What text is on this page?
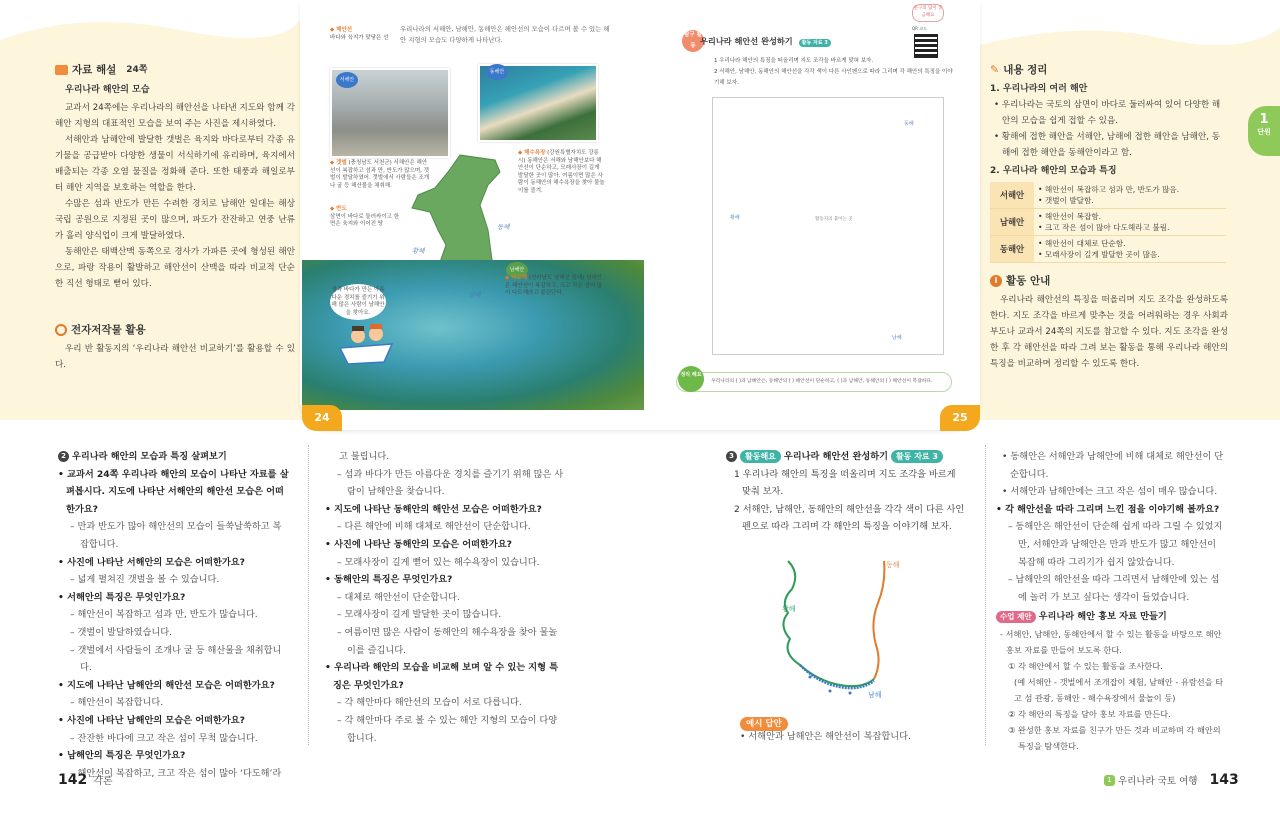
자료 해설 24쪽
우리나라 해안의 모습

교과서 24쪽에는 우리나라의 해안선을 나타낸 지도와 함께 각 해안 지형의 대표적인 모습을 보여 주는 사진을 제시하였다.

서해안과 남해안에 발달한 갯벌은 육지와 바다로부터 각종 유기물을 공급받아 다양한 생물이 서식하기에 유리하며, 육지에서 배출되는 각종 오염 물질을 정화해 준다. 또한 태풍과 해일로부터 해안 지역을 보호하는 역할을 한다.

수많은 섬과 반도가 만든 수려한 경치로 남해안 일대는 해상 국립 공원으로 지정된 곳이 많으며, 파도가 잔잔하고 연중 난류가 흘러 양식업이 크게 발달하였다.

동해안은 태백산맥 동쪽으로 경사가 가파른 곳에 형성된 해안으로, 파랑 작용이 활발하고 해안선이 산맥을 따라 비교적 단순한 직선 형태로 뻗어 있다.

전자저작물 활용

우리 반 활동지의 ‘우리나라 해안선 비교하기’를 활용할 수 있다.

◆ 해안선
바다와 육지가 맞닿은 선
우리나라의 서해안, 남해안, 동해안은 해안선의 모습이 다르며 볼 수 있는 해안 지형의 모습도 다양하게 나타난다.
서해안
동해안
◆ 갯벌 (충청남도 서천군) 서해안은 해안선이 복잡하고 섬과 만, 반도가 많으며, 갯벌이 발달하였어. 갯벌에서 사람들은 조개나 굴 등 해산물을 채취해.
◆ 해수욕장 (강원특별자치도 강릉시) 동해안은 서해와 남해안보다 해안선이 단순하고, 모래사장이 길게 발달한 곳이 많아. 여름이면 많은 사람이 동해안의 해수욕장을 찾아 물놀이를 즐겨.
◆ 반도
삼면이 바다로 둘러싸이고 한 면은 육지와 이어진 땅
황해
동해
남해
남해안
◆ 다도해 (전라남도 남해군 일대) 남해안은 해안선이 복잡하고, 크고 작은 섬이 많이 다도해라고 불린단다.
섬과 바다가 만든 아름다운 경치를 즐기기 위해 많은 사람이 남해안을 찾아요.
24	25
탐구 활동 우리나라 해안선 완성하기 활동 자료 3
친구의 답이 궁금해요
QR 코드
1 우리나라 해안의 특징을 떠올리며 지도 조각을 바르게 맞혀 보자.
2 서해안, 남해안, 동해안의 해안선을 각각 색이 다른 사인펜으로 따라 그리며 각 해안의 특징을 이야기해 보자.
황해
동해
남해
활동지의 붙이는 곳
우리나라의 ( )과 남해안은, 동해안의 ( ) 해안선이 단순하고, ( )과 남해안, 동해안의 ( ) 해안선이 복잡하다.
정리 해요
✎ 내용 정리
1. 우리나라의 여러 해안
• 우리나라는 국토의 삼면이 바다로 둘러싸여 있어 다양한 해안의 모습을 쉽게 접할 수 있음.
• 황해에 접한 해안을 서해안, 남해에 접한 해안을 남해안, 동해에 접한 해안을 동해안이라고 함.
2. 우리나라 해안의 모습과 특징
서해안	• 해안선이 복잡하고 섬과 만, 반도가 많음.
• 갯벌이 발달함.

남해안	• 해안선이 복잡함.
• 크고 작은 섬이 많아 다도해라고 불림.

동해안	• 해안선이 대체로 단순함.
• 모래사장이 길게 발달한 곳이 많음.
i 활동 안내

우리나라 해안선의 특징을 떠올리며 지도 조각을 완성하도록 한다. 지도 조각을 바르게 맞추는 것을 어려워하는 경우 사회과 부도나 교과서 24쪽의 지도를 참고할 수 있다. 지도 조각을 완성한 후 각 해안선을 따라 그려 보는 활동을 통해 우리나라 해안의 특징을 비교하며 정리할 수 있도록 한다.

1
단원
2 우리나라 해안의 모습과 특징 살펴보기
• 교과서 24쪽 우리나라 해안의 모습이 나타난 자료를 살펴봅시다. 지도에 나타난 서해안의 해안선 모습은 어떠한가요?
– 만과 반도가 많아 해안선의 모습이 들쑥날쑥하고 복잡합니다.
• 사진에 나타난 서해안의 모습은 어떠한가요?
– 넓게 펼쳐진 갯벌을 볼 수 있습니다.
• 서해안의 특징은 무엇인가요?
– 해안선이 복잡하고 섬과 만, 반도가 많습니다.
– 갯벌이 발달하였습니다.
– 갯벌에서 사람들이 조개나 굴 등 해산물을 채취합니다.
• 지도에 나타난 남해안의 해안선 모습은 어떠한가요?
– 해안선이 복잡합니다.
• 사진에 나타난 남해안의 모습은 어떠한가요?
– 잔잔한 바다에 크고 작은 섬이 무척 많습니다.
• 남해안의 특징은 무엇인가요?
– 해안선이 복잡하고, 크고 작은 섬이 많아 ‘다도해’라
고 불립니다.
– 섬과 바다가 만든 아름다운 경치를 즐기기 위해 많은 사람이 남해안을 찾습니다.
• 지도에 나타난 동해안의 해안선 모습은 어떠한가요?
– 다른 해안에 비해 대체로 해안선이 단순합니다.
• 사진에 나타난 동해안의 모습은 어떠한가요?
– 모래사장이 길게 뻗어 있는 해수욕장이 있습니다.
• 동해안의 특징은 무엇인가요?
– 대체로 해안선이 단순합니다.
– 모래사장이 길게 발달한 곳이 많습니다.
– 여름이면 많은 사람이 동해안의 해수욕장을 찾아 물놀이를 즐깁니다.
• 우리나라 해안의 모습을 비교해 보며 알 수 있는 지형 특징은 무엇인가요?
– 각 해안마다 해안선의 모습이 서로 다릅니다.
– 각 해안마다 주로 볼 수 있는 해안 지형의 모습이 다양합니다.
3	활동해요 우리나라 해안선 완성하기	활동 자료 3
1 우리나라 해안의 특징을 떠올리며 지도 조각을 바르게 맞춰 보자.
2 서해안, 남해안, 동해안의 해안선을 각각 색이 다른 사인펜으로 따라 그리며 각 해안의 특징을 이야기해 보자.
황해
동해
남해
예시 답안
• 서해안과 남해안은 해안선이 복잡합니다.
• 동해안은 서해안과 남해안에 비해 대체로 해안선이 단순합니다.
• 서해안과 남해안에는 크고 작은 섬이 매우 많습니다.
• 각 해안선을 따라 그리며 느낀 점을 이야기해 볼까요?
– 동해안은 해안선이 단순해 쉽게 따라 그릴 수 있었지만, 서해안과 남해안은 만과 반도가 많고 해안선이 복잡해 따라 그리기가 쉽지 않았습니다.
– 남해안의 해안선을 따라 그리면서 남해안에 있는 섬에 놀러 가 보고 싶다는 생각이 들었습니다.
수업 제안 우리나라 해안 홍보 자료 만들기
- 서해안, 남해안, 동해안에서 할 수 있는 활동을 바탕으로 해안 홍보 자료를 만들어 보도록 한다.
① 각 해안에서 할 수 있는 활동을 조사한다.
(예 서해안 - 갯벌에서 조개잡이 체험, 남해안 - 유람선을 타고 섬 관광, 동해안 - 해수욕장에서 물놀이 등)
② 각 해안의 특징을 담아 홍보 자료를 만든다.
③ 완성한 홍보 자료를 친구가 만든 것과 비교하며 각 해안의 특징을 탐색한다.
142 각론	1 우리나라 국토 여행 143
